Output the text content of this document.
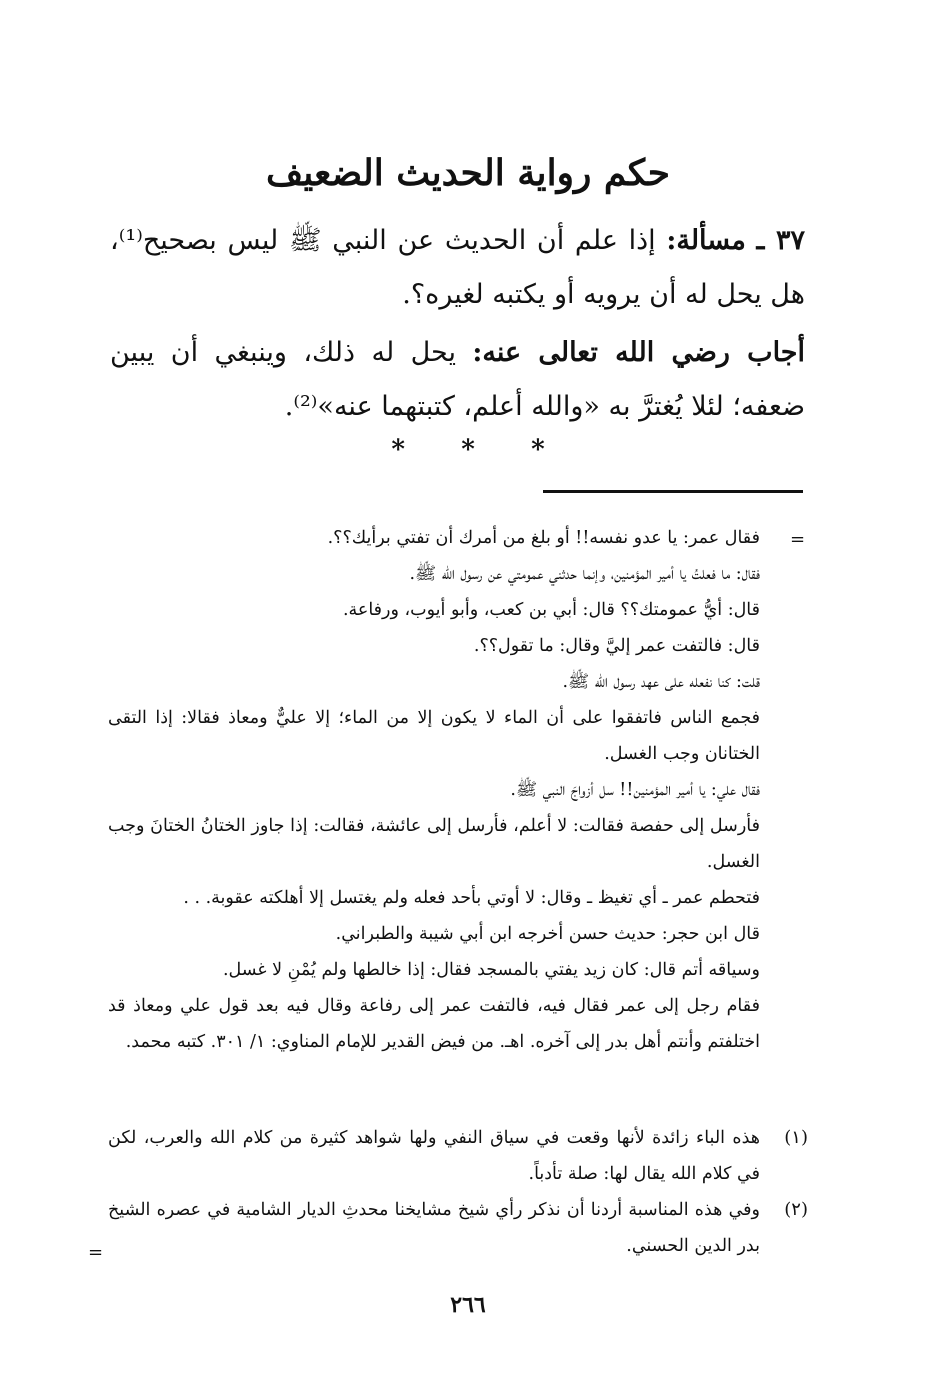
حكم رواية الحديث الضعيف
٣٧ ـ مسألة: إذا علم أن الحديث عن النبي ﷺ ليس بصحيح⁽¹⁾، هل يحل له أن يرويه أو يكتبه لغيره؟.
أجاب رضي الله تعالى عنه: يحل له ذلك، وينبغي أن يبين ضعفه؛ لئلا يُغترَّ به «والله أعلم، كتبتهما عنه»⁽²⁾.
* * *
=
فقال عمر: يا عدو نفسه!! أو بلغ من أمرك أن تفتي برأيك؟؟.
فقال: ما فعلتُ يا أمير المؤمنين، وإنما حدثني عمومتي عن رسول الله ﷺ.
قال: أيُّ عمومتك؟؟ قال: أبي بن كعب، وأبو أيوب، ورفاعة.
قال: فالتفت عمر إليَّ وقال: ما تقول؟؟.
قلت: كنا نفعله على عهد رسول الله ﷺ.
فجمع الناس فاتفقوا على أن الماء لا يكون إلا من الماء؛ إلا عليٌّ ومعاذ فقالا: إذا التقى الختانان وجب الغسل.
فقال علي: يا أمير المؤمنين!! سل أزواجَ النبي ﷺ.
فأرسل إلى حفصة فقالت: لا أعلم، فأرسل إلى عائشة، فقالت: إذا جاوز الختانُ الختانَ وجب الغسل.
فتحطم عمر ـ أي تغيظ ـ وقال: لا أوتي بأحد فعله ولم يغتسل إلا أهلكته عقوبة. . .
قال ابن حجر: حديث حسن أخرجه ابن أبي شيبة والطبراني.
وسياقه أتم قال: كان زيد يفتي بالمسجد فقال: إذا خالطها ولم يُمْنِ لا غسل.
فقام رجل إلى عمر فقال فيه، فالتفت عمر إلى رفاعة وقال فيه بعد قول علي ومعاذ قد اختلفتم وأنتم أهل بدر إلى آخره. اهـ. من فيض القدير للإمام المناوي: ١/ ٣٠١. كتبه محمد.
(١)
هذه الباء زائدة لأنها وقعت في سياق النفي ولها شواهد كثيرة من كلام الله والعرب، لكن في كلام الله يقال لها: صلة تأدباً.
(٢)
وفي هذه المناسبة أردنا أن نذكر رأي شيخ مشايخنا محدثِ الديار الشامية في عصره الشيخ بدر الدين الحسني.
=
٢٦٦
